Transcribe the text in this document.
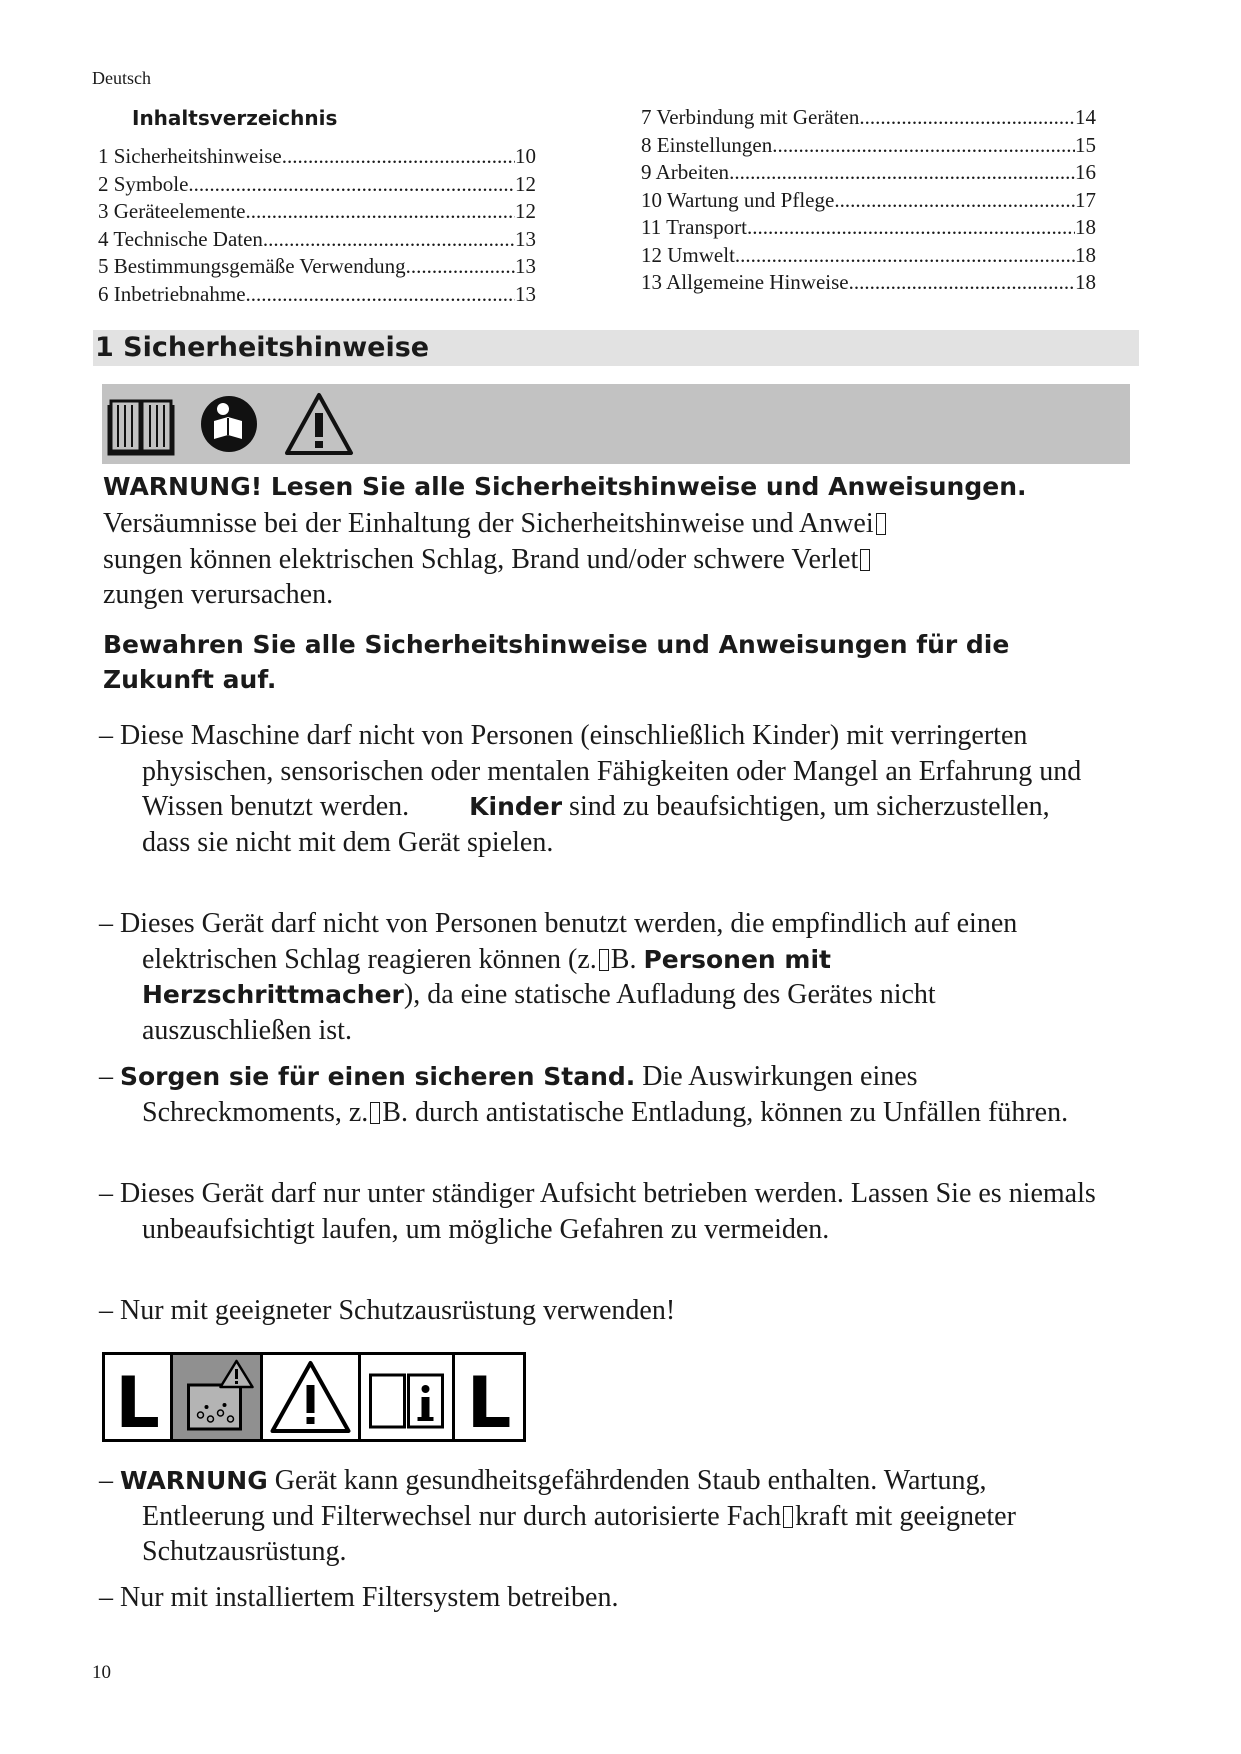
Deutsch
Inhaltsverzeichnis
1 Sicherheitshinweise .....	10
2 Symbole .....	12
3 Geräteelemente .....	12
4 Technische Daten .....	13
5 Bestimmungsgemäße Verwendung .....	13
6 Inbetriebnahme .....	13
7 Verbindung mit Geräten .....	14
8 Einstellungen .....	15
9 Arbeiten .....	16
10 Wartung und Pflege .....	17
11 Transport .....	18
12 Umwelt .....	18
13 Allgemeine Hinweise .....	18
1 Sicherheitshinweise
WARNUNG! Lesen Sie alle Sicherheitshinweise und Anweisungen.
Versäumnisse bei der Einhaltung der Sicherheitshinweise und Anwei
sungen können elektrischen Schlag, Brand und/oder schwere Verlet
zungen verursachen.
Bewahren Sie alle Sicherheitshinweise und Anweisungen für die
Zukunft auf.
– Diese Maschine darf nicht von Personen (einschließlich Kinder) mit verringerten physischen, sensorischen oder mentalen Fähigkeiten oder Mangel an Erfahrung und Wissen benutzt werden. Kinder sind zu beaufsichtigen, um sicherzustellen, dass sie nicht mit dem Gerät spielen.
– Dieses Gerät darf nicht von Personen benutzt werden, die empfindlich auf einen elektrischen Schlag reagieren können (z. B. Personen mit Herzschrittmacher), da eine statische Aufladung des Gerätes nicht auszuschließen ist.
– Sorgen sie für einen sicheren Stand. Die Auswirkungen eines Schreckmoments, z. B. durch antistatische Entladung, können zu Unfällen führen.
– Dieses Gerät darf nur unter ständiger Aufsicht betrieben werden. Lassen Sie es niemals unbeaufsichtigt laufen, um mögliche Gefahren zu vermeiden.
– Nur mit geeigneter Schutzausrüstung verwenden!
L	L
– WARNUNG Gerät kann gesundheitsgefährdenden Staub enthalten. Wartung, Entleerung und Filterwechsel nur durch autorisierte Fach kraft mit geeigneter Schutzausrüstung.
– Nur mit installiertem Filtersystem betreiben.
10
